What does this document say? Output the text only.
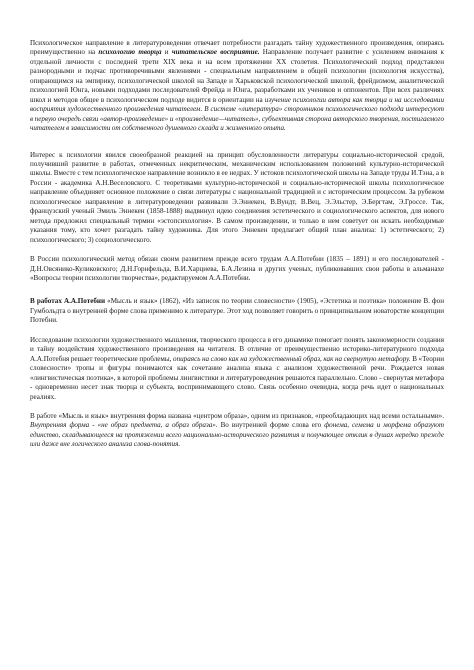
Психологическое направление в литературоведении отвечает потребности разгадать тайну художественного произведения, опираясь преимущественно на психологию творца и читательское восприятие. Направление получает развитие с усилением внимания к отдельной личности с последней трети XIX века и на всем протяжении XX столетия. Психологический подход представлен разнородными и подчас противоречивыми явлениями - специальным направлением в общей психологии (психология искусства), опирающимся на эмпирику, психологической школой на Западе и Харьковской психологической школой, фрейдизмом, аналитической психологией Юнга, новыми подходами последователей Фрейда и Юнга, разработками их учеников и оппонентов. При всех различиях школ и методов общее в психологическом подходе видится в ориентации на изучение психологии автора как творца и на исследовании восприятия художественного произведения читателем. В системе «литература» сторонников психологического подхода интересуют в первую очередь связи «автор-произведение» и «произведение—читатель», субъективная сторона авторского творения, постигаемого читателем в зависимости от собственного душевного склада и жизненного опыта.

Интерес к психологии явился своеобразной реакцией на принцип обусловленности литературы социально-исторической средой, получивший развитие в работах, отмеченных некритическим, механическим использованием положений культурно-исторической школы. Вместе с тем психологическое направление возникло в ее недрах. У истоков психологической школы на Западе труды И.Тэна, а в России - академика А.Н.Веселовского. С теоретиками культурно-исторической и социально-исторической школы психологическое направление объединяет основное положение о связи литературы с национальной традицией и с историческим процессом. За рубежом психологическое направление в литературоведении развивали Э.Эннекен, В.Вундт, В.Вец, Э.Эльстер, Э.Бергтам, Э.Гроссе. Так, французский ученый Эмиль Эннекен (1858-1888) выдвинул идею соединения эстетического и социологического аспектов, для нового метода предложил специальный термин «эстопсихология». В самом произведении, и только в нем советует он искать необходимые указания тому, кто хочет разгадать тайну художника. Для этого Эннекен предлагает общий план анализа: 1) эстетического; 2) психологического; 3) социологического.

В России психологический метод обязан своим развитием прежде всего трудам А.А.Потебни (1835 – 1891) и его последователей - Д.Н.Овсянико-Куликовского; Д.Н.Горнфельда, В.И.Харциева, Б.А.Лезина и других ученых, публиковавших свои работы в альманахе «Вопросы теории психологии творчества», редактируемом А.А.Потебни.

В работах А.А.Потебни «Мысль и язык» (1862), «Из записок по теории словесности» (1905), «Эстетика и поэтика» положение В. фон Гумбольдта о внутренней форме слова применимо к литературе. Этот ход позволяет говорить о принципиальном новаторстве концепции Потебни.

Исследование психологии художественного мышления, творческого процесса в его динамике помогает понять закономерности создания и тайну воздействия художественного произведения на читателя. В отличие от преимущественно историко-литературного подхода А.А.Потебня решает теоретические проблемы, опираясь на слово как на художественный образ, как на свернутую метафору. В «Теории словесности» тропы и фигуры понимаются как сочетание анализа языка с анализом художественной речи. Рождается новая «лингвистическая поэтика», в которой проблемы лингвистики и литературоведения решаются параллельно. Слово - свернутая метафора - одновременно несет знак творца и субъекта, воспринимающего слово. Связь особенно очевидна, когда речь идет о национальных реалиях.

В работе «Мысль и язык» внутренняя форма названа «центром образа», одним из признаков, «преобладающих над всеми остальными». Внутренняя форма - «не образ предмета, а образ образа». Во внутренней форме слова его фонема, семема и морфема образуют единство, складывающееся на протяжении всего национально-исторического развития и получающее отклик в душах нередко прежде или даже вне логического анализа слова-понятия.
